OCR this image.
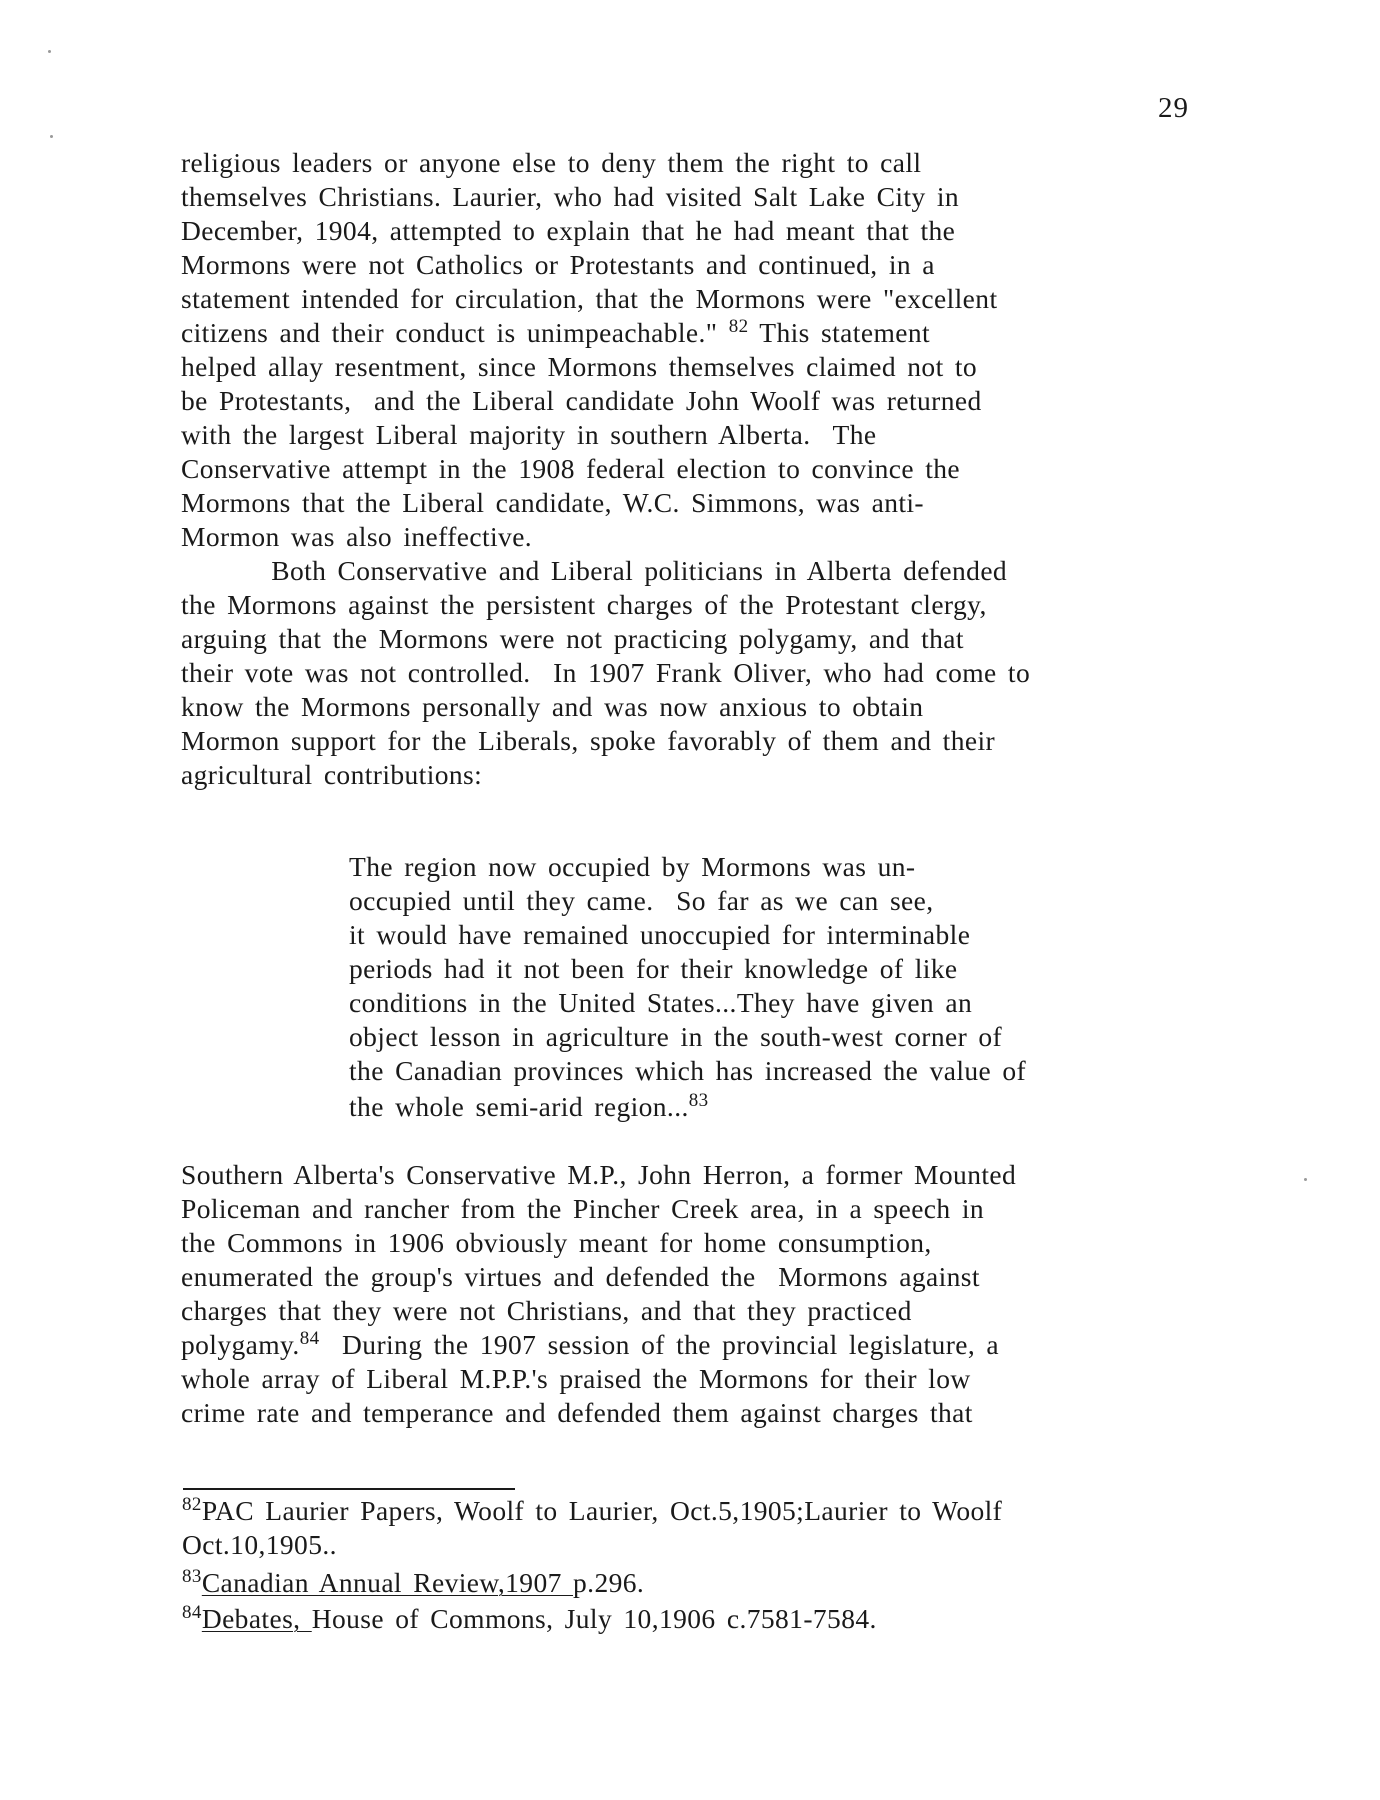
29
religious leaders or anyone else to deny them the right to call
themselves Christians. Laurier, who had visited Salt Lake City in
December, 1904, attempted to explain that he had meant that the
Mormons were not Catholics or Protestants and continued, in a
statement intended for circulation, that the Mormons were "excellent
citizens and their conduct is unimpeachable." $^{82}$ This statement
helped allay resentment, since Mormons themselves claimed not to
be Protestants,  and the Liberal candidate John Woolf was returned
with the largest Liberal majority in southern Alberta.  The
Conservative attempt in the 1908 federal election to convince the
Mormons that the Liberal candidate, W.C. Simmons, was anti-
Mormon was also ineffective.
Both Conservative and Liberal politicians in Alberta defended
the Mormons against the persistent charges of the Protestant clergy,
arguing that the Mormons were not practicing polygamy, and that
their vote was not controlled.  In 1907 Frank Oliver, who had come to
know the Mormons personally and was now anxious to obtain
Mormon support for the Liberals, spoke favorably of them and their
agricultural contributions:
The region now occupied by Mormons was un-
occupied until they came.  So far as we can see,
it would have remained unoccupied for interminable
periods had it not been for their knowledge of like
conditions in the United States...They have given an
object lesson in agriculture in the south-west corner of
the Canadian provinces which has increased the value of
the whole semi-arid region...$^{83}$
Southern Alberta's Conservative M.P., John Herron, a former Mounted
Policeman and rancher from the Pincher Creek area, in a speech in
the Commons in 1906 obviously meant for home consumption,
enumerated the group's virtues and defended the  Mormons against
charges that they were not Christians, and that they practiced
polygamy.$^{84}$  During the 1907 session of the provincial legislature, a
whole array of Liberal M.P.P.'s praised the Mormons for their low
crime rate and temperance and defended them against charges that
$^{82}$PAC Laurier Papers, Woolf to Laurier, Oct.5,1905;Laurier to Woolf
Oct.10,1905..
$^{83}$Canadian Annual Review,1907 p.296.
$^{84}$Debates, House of Commons, July 10,1906 c.7581-7584.
